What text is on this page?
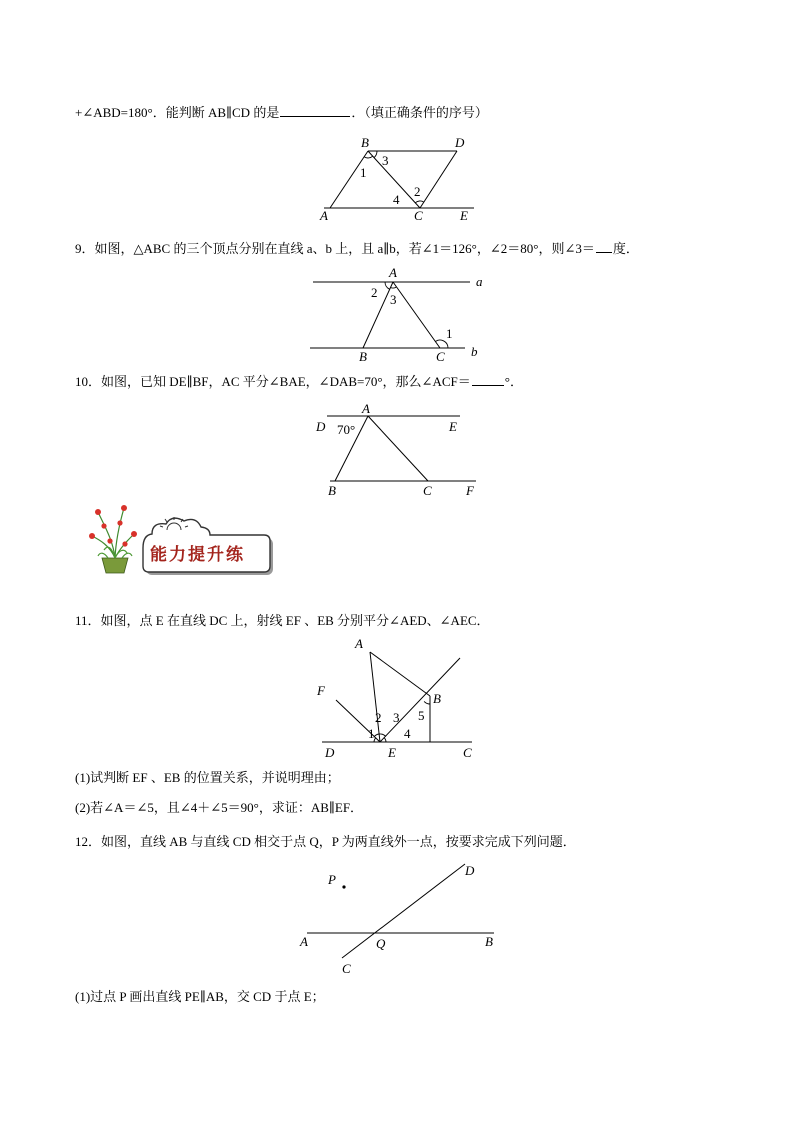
+∠ABD=180°．能判断 AB∥CD 的是	．（填正确条件的序号）
9．如图，△ABC 的三个顶点分别在直线 a、b 上，且 a∥b，若∠1＝126°，∠2＝80°，则∠3＝ 度．
10．如图，已知 DE∥BF，AC 平分∠BAE，∠DAB=70°，那么∠ACF＝	°．
11．如图，点 E 在直线 DC 上，射线 EF 、EB 分别平分∠AED、∠AEC．
(1)试判断 EF 、EB 的位置关系，并说明理由；
(2)若∠A＝∠5，且∠4＋∠5＝90°，求证：AB∥EF．
12．如图，直线 AB 与直线 CD 相交于点 Q，P 为两直线外一点，按要求完成下列问题．
(1)过点 P 画出直线 PE∥AB，交 CD 于点 E；
B	D
3
1
2
4
A	C	E
A
a
2 3
1
B	C b
A
D 70°	E
B	C	F
能力提升练
F
A
B
5
2 3
1 4
D	E	C
P
D
A	B
Q
C
